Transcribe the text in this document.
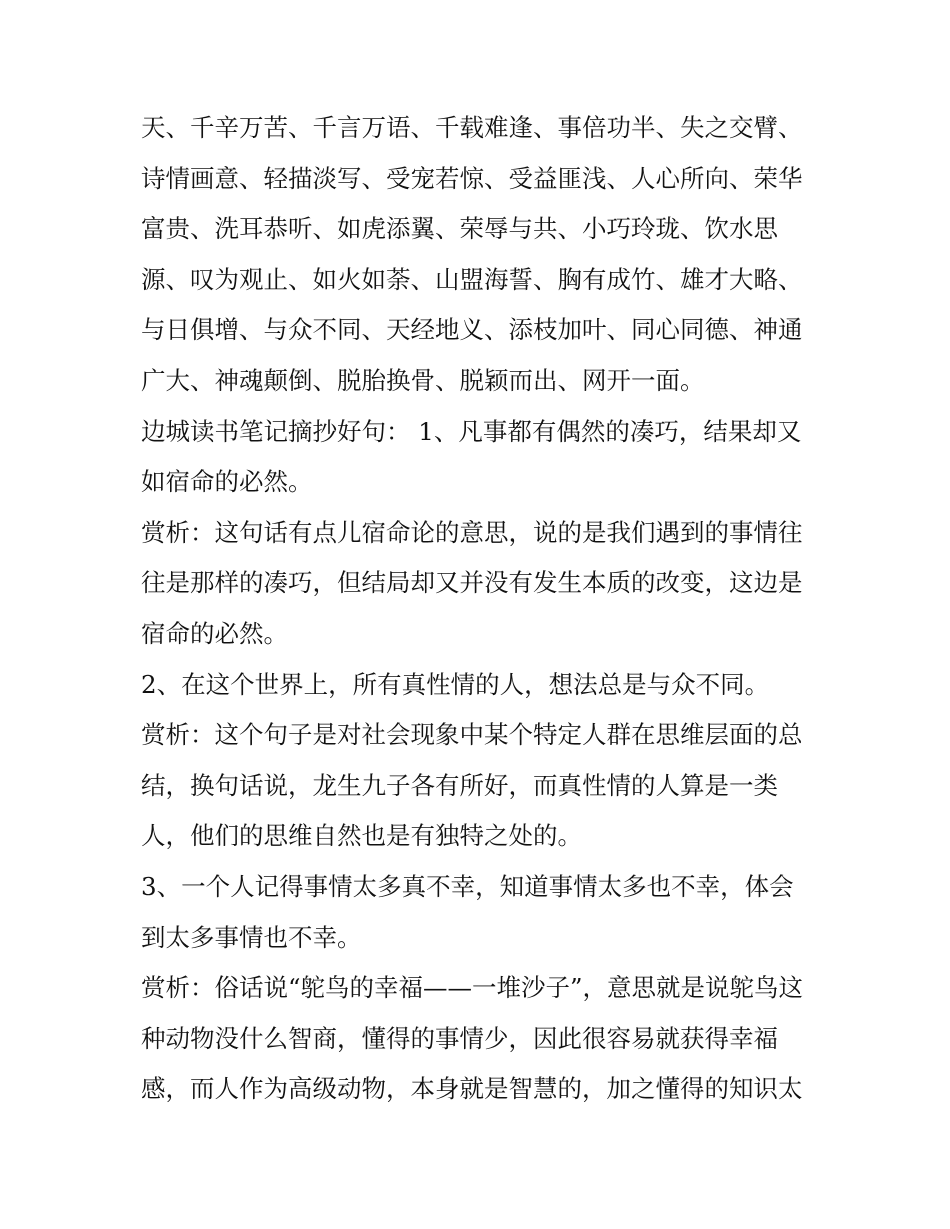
天、千辛万苦、千言万语、千载难逢、事倍功半、失之交臂、
诗情画意、轻描淡写、受宠若惊、受益匪浅、人心所向、荣华
富贵、洗耳恭听、如虎添翼、荣辱与共、小巧玲珑、饮水思
源、叹为观止、如火如荼、山盟海誓、胸有成竹、雄才大略、
与日俱增、与众不同、天经地义、添枝加叶、同心同德、神通
广大、神魂颠倒、脱胎换骨、脱颖而出、网开一面。
边城读书笔记摘抄好句： 1、凡事都有偶然的凑巧，结果却又
如宿命的必然。
赏析：这句话有点儿宿命论的意思，说的是我们遇到的事情往
往是那样的凑巧，但结局却又并没有发生本质的改变，这边是
宿命的必然。
2、在这个世界上，所有真性情的人，想法总是与众不同。
赏析：这个句子是对社会现象中某个特定人群在思维层面的总
结，换句话说，龙生九子各有所好，而真性情的人算是一类
人，他们的思维自然也是有独特之处的。
3、一个人记得事情太多真不幸，知道事情太多也不幸，体会
到太多事情也不幸。
赏析：俗话说“鸵鸟的幸福——一堆沙子”，意思就是说鸵鸟这
种动物没什么智商，懂得的事情少，因此很容易就获得幸福
感，而人作为高级动物，本身就是智慧的，加之懂得的知识太
